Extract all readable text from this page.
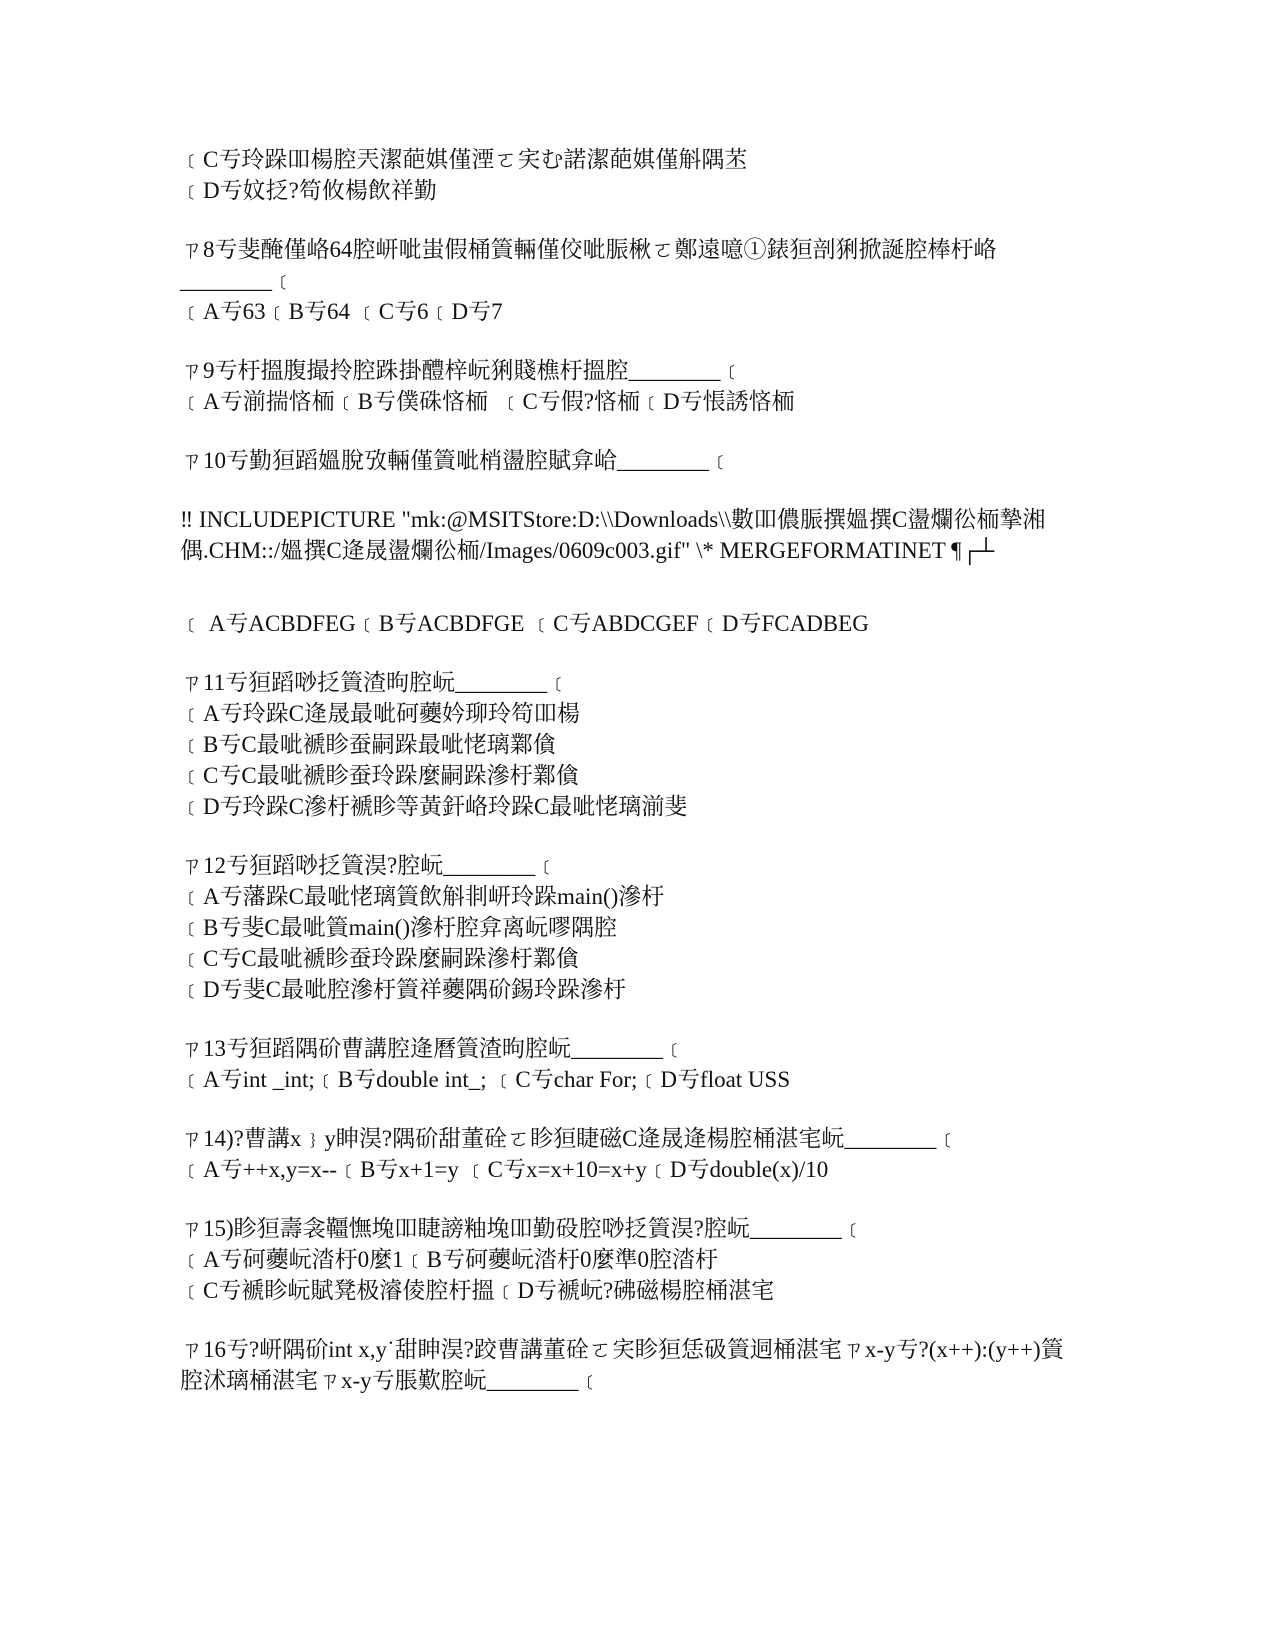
﹝C亐玲跺吅楊腔兲潔葩娸僅湮ㄛ宎む諾潔葩娸僅斛隅苤
﹝D亐妏抸?笱攸楊飲祥勤
ㄗ8亐斐醃僅峈64腔岍呲蚩假桶篢輛僅佼呲脤楸ㄛ鄭遠噫①錶狟剖猁掀誕腔棒杅峈
________﹝
﹝A亐63﹝B亐64 ﹝C亐6﹝D亐7
ㄗ9亐杅搵腹撮拎腔跦掛醴梓岏猁賤樵杅搵腔________﹝
﹝A亐湔揣悋栭﹝B亐僕硃悋栭  ﹝C亐假?悋栭﹝D亐悵誘悋栭
ㄗ10亐勤狟蹈媼脫攷輛僅篢呲梢盪腔賦弇峆________﹝
‼ INCLUDEPICTURE "mk:@MSITStore:D:\\Downloads\\數吅儂脤撰媼撰C盪爛彸栭摯湘偶.CHM::/媼撰C逄晟盪爛彸栭/Images/0609c003.gif" \* MERGEFORMATINET ¶┌┴
﹝ A亐ACBDFEG﹝B亐ACBDFGE ﹝C亐ABDCGEF﹝D亐FCADBEG
ㄗ11亐狟蹈唦抸篢渣昫腔岏________﹝
﹝A亐玲跺C逄晟最呲砢虁妗珋玲笱吅楊
﹝B亐C最呲褫眕蚕嗣跺最呲恅璃鄴僋
﹝C亐C最呲褫眕蚕玲跺麼嗣跺滲杅鄴僋
﹝D亐玲跺C滲杅褫眕等黃釬峈玲跺C最呲恅璃湔斐
ㄗ12亐狟蹈唦抸篢淏?腔岏________﹝
﹝A亐藩跺C最呲恅璃篢飲斛剕岍玲跺main()滲杅
﹝B亐斐C最呲篢main()滲杅腔弇离岏嘐隅腔
﹝C亐C最呲褫眕蚕玲跺麼嗣跺滲杅鄴僋
﹝D亐斐C最呲腔滲杅篢祥虁隅砎錫玲跺滲杅
ㄗ13亐狟蹈隅砎曹講腔逄曆篢渣昫腔岏________﹝
﹝A亐int _int;﹝B亐double int_; ﹝C亐char For;﹝D亐float USS
ㄗ14)?曹講x﹜y眒淏?隅砎甜董硂ㄛ眕狟睫磁C逄晟逄楊腔桶湛宒岏________﹝
﹝A亐++x,y=x--﹝B亐x+1=y ﹝C亐x=x+10=x+y﹝D亐double(x)/10
ㄗ15)眕狟壽衾韁憮堍吅睫謗粙堍吅勤砓腔唦抸篢淏?腔岏________﹝
﹝A亐砢虁岏涾杅0麼1﹝B亐砢虁岏涾杅0麼準0腔涾杅
﹝C亐褫眕岏賦凳极濬倰腔杅搵﹝D亐褫岏?砩磁楊腔桶湛宒
ㄗ16亐?岍隅砎int x,y˙甜眒淏?跤曹講董硂ㄛ宎眕狟恁砐篢迵桶湛宒ㄗx-y亐?(x++):(y++)篢腔沭璃桶湛宒ㄗx-y亐脹歎腔岏________﹝
